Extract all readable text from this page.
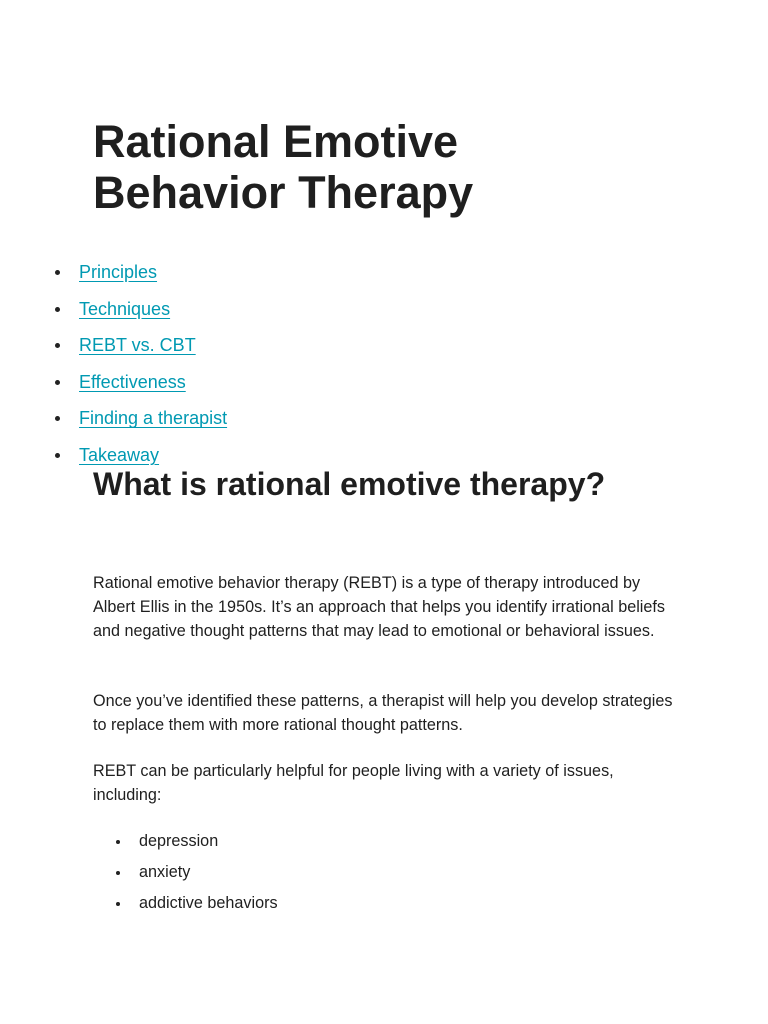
Rational Emotive Behavior Therapy
Principles
Techniques
REBT vs. CBT
Effectiveness
Finding a therapist
Takeaway
What is rational emotive therapy?

Rational emotive behavior therapy (REBT) is a type of therapy introduced by Albert Ellis in the 1950s. It’s an approach that helps you identify irrational beliefs and negative thought patterns that may lead to emotional or behavioral issues.

Once you’ve identified these patterns, a therapist will help you develop strategies to replace them with more rational thought patterns.

REBT can be particularly helpful for people living with a variety of issues, including:

depression
anxiety
addictive behaviors
